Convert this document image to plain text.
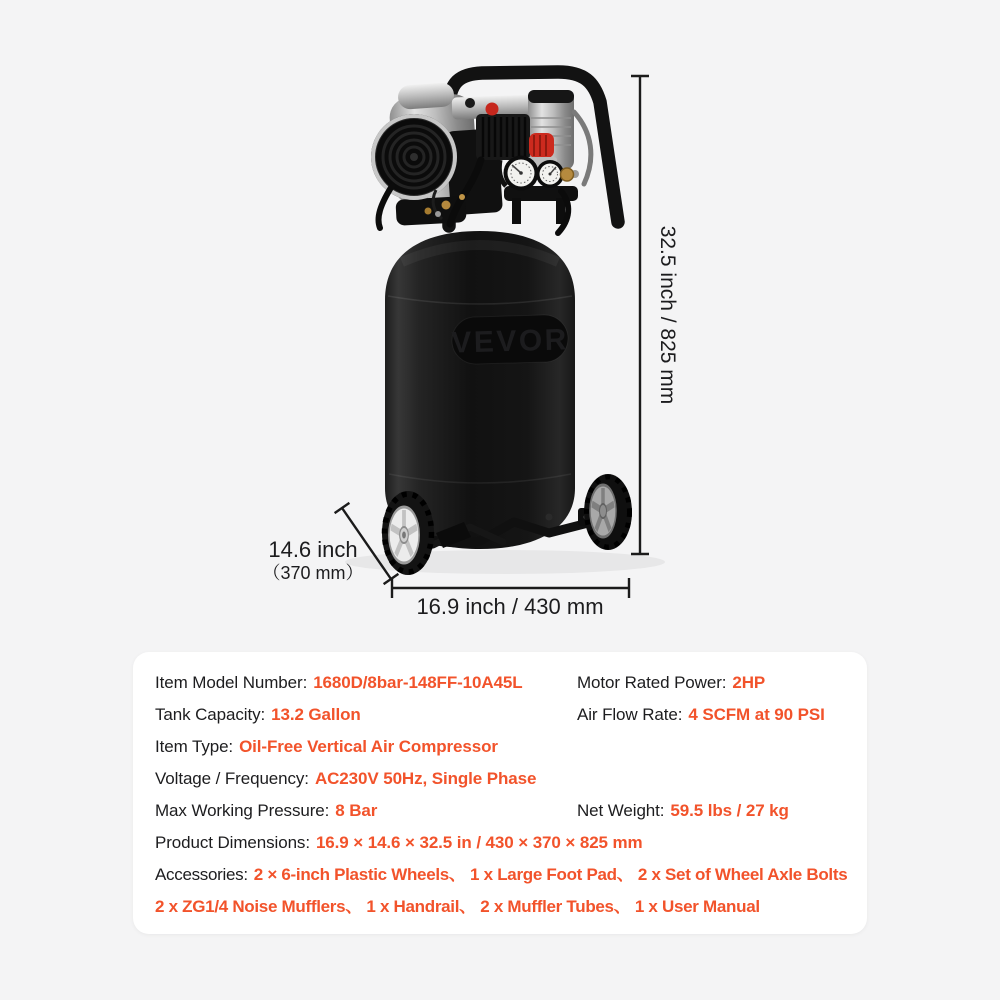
VEVOR	32.5 inch / 825 mm
16.9 inch / 430 mm
14.6 inch
（370 mm）
Item Model Number: 1680D/8bar-148FF-10A45L
Tank Capacity: 13.2 Gallon
Item Type: Oil-Free Vertical Air Compressor
Voltage / Frequency: AC230V 50Hz, Single Phase
Max Working Pressure: 8 Bar
Product Dimensions: 16.9 × 14.6 × 32.5 in / 430 × 370 × 825 mm
Accessories: 2 × 6-inch Plastic Wheels、 1 x Large Foot Pad、 2 x Set of Wheel Axle Bolts
2 x ZG1/4 Noise Mufflers、 1 x Handrail、 2 x Muffler Tubes、 1 x User Manual
Motor Rated Power: 2HP
Air Flow Rate: 4 SCFM at 90 PSI
Net Weight: 59.5 lbs / 27 kg
